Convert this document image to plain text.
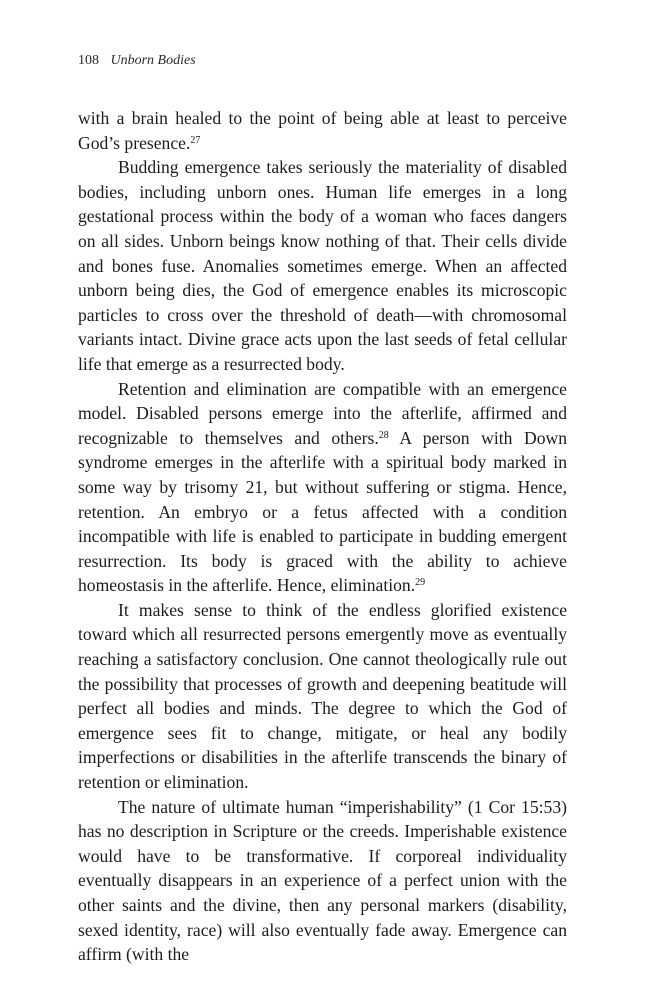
108 Unborn Bodies

with a brain healed to the point of being able at least to perceive God’s presence.$^{27}$

Budding emergence takes seriously the materiality of disabled bodies, including unborn ones. Human life emerges in a long gestational process within the body of a woman who faces dangers on all sides. Unborn beings know nothing of that. Their cells divide and bones fuse. Anomalies sometimes emerge. When an affected unborn being dies, the God of emergence enables its microscopic particles to cross over the threshold of death—with chromosomal variants intact. Divine grace acts upon the last seeds of fetal cellular life that emerge as a resurrected body.

Retention and elimination are compatible with an emergence model. Disabled persons emerge into the afterlife, affirmed and recognizable to themselves and others.$^{28}$ A person with Down syndrome emerges in the afterlife with a spiritual body marked in some way by trisomy 21, but without suffering or stigma. Hence, retention. An embryo or a fetus affected with a condition incompatible with life is enabled to participate in budding emergent resurrection. Its body is graced with the ability to achieve homeostasis in the afterlife. Hence, elimination.$^{29}$

It makes sense to think of the endless glorified existence toward which all resurrected persons emergently move as eventually reaching a satisfactory conclusion. One cannot theologically rule out the possibility that processes of growth and deepening beatitude will perfect all bodies and minds. The degree to which the God of emergence sees fit to change, mitigate, or heal any bodily imperfections or disabilities in the afterlife transcends the binary of retention or elimination.

The nature of ultimate human “imperishability” (1 Cor 15:53) has no description in Scripture or the creeds. Imperishable existence would have to be transformative. If corporeal individuality eventually disappears in an experience of a perfect union with the other saints and the divine, then any personal markers (disability, sexed identity, race) will also eventually fade away. Emergence can affirm (with the
